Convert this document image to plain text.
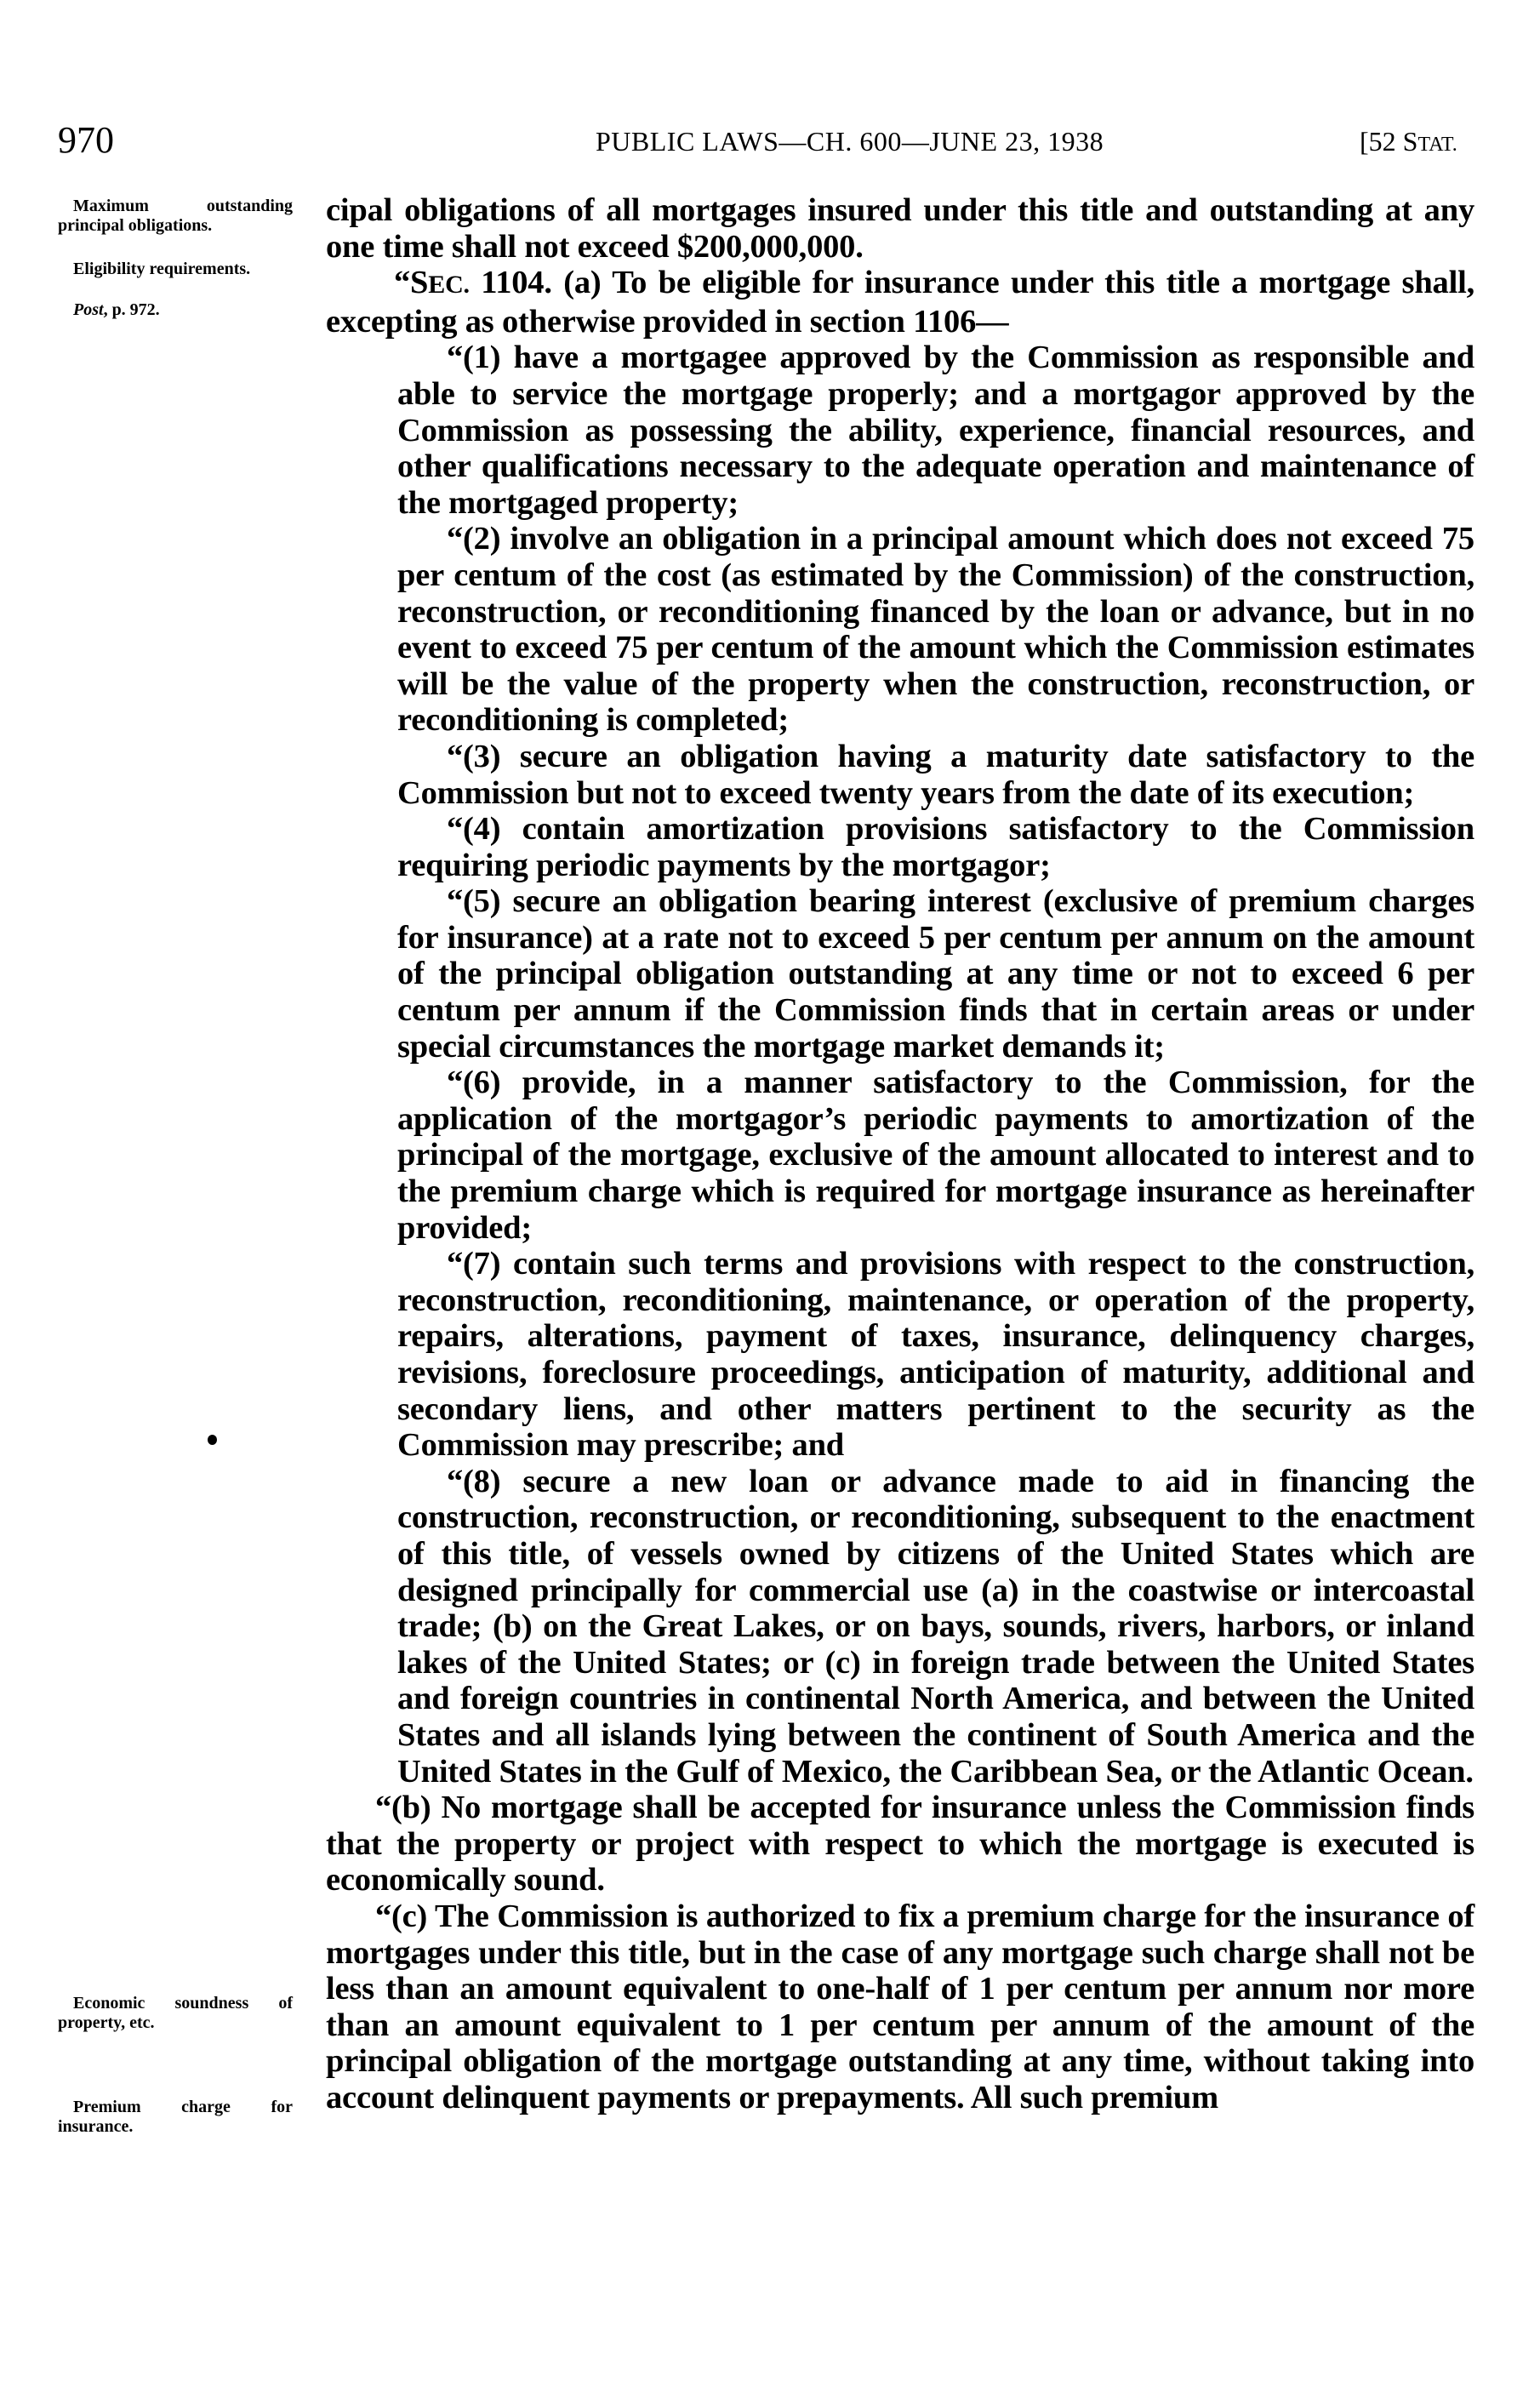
970	PUBLIC LAWS—CH. 600—JUNE 23, 1938	[52 STAT.

Maximum outstanding principal obligations.

Eligibility requirements.

Post, p. 972.

Economic soundness of property, etc.

Premium charge for insurance.

cipal obligations of all mortgages insured under this title and outstanding at any one time shall not exceed $200,000,000.

“SEC. 1104. (a) To be eligible for insurance under this title a mortgage shall, excepting as otherwise provided in section 1106—

“(1) have a mortgagee approved by the Commission as responsible and able to service the mortgage properly; and a mortgagor approved by the Commission as possessing the ability, experience, financial resources, and other qualifications necessary to the adequate operation and maintenance of the mortgaged property;

“(2) involve an obligation in a principal amount which does not exceed 75 per centum of the cost (as estimated by the Commission) of the construction, reconstruction, or reconditioning financed by the loan or advance, but in no event to exceed 75 per centum of the amount which the Commission estimates will be the value of the property when the construction, reconstruction, or reconditioning is completed;

“(3) secure an obligation having a maturity date satisfactory to the Commission but not to exceed twenty years from the date of its execution;

“(4) contain amortization provisions satisfactory to the Commission requiring periodic payments by the mortgagor;

“(5) secure an obligation bearing interest (exclusive of premium charges for insurance) at a rate not to exceed 5 per centum per annum on the amount of the principal obligation outstanding at any time or not to exceed 6 per centum per annum if the Commission finds that in certain areas or under special circumstances the mortgage market demands it;

“(6) provide, in a manner satisfactory to the Commission, for the application of the mortgagor’s periodic payments to amortization of the principal of the mortgage, exclusive of the amount allocated to interest and to the premium charge which is required for mortgage insurance as hereinafter provided;

“(7) contain such terms and provisions with respect to the construction, reconstruction, reconditioning, maintenance, or operation of the property, repairs, alterations, payment of taxes, insurance, delinquency charges, revisions, foreclosure proceedings, anticipation of maturity, additional and secondary liens, and other matters pertinent to the security as the Commission may prescribe; and

“(8) secure a new loan or advance made to aid in financing the construction, reconstruction, or reconditioning, subsequent to the enactment of this title, of vessels owned by citizens of the United States which are designed principally for commercial use (a) in the coastwise or intercoastal trade; (b) on the Great Lakes, or on bays, sounds, rivers, harbors, or inland lakes of the United States; or (c) in foreign trade between the United States and foreign countries in continental North America, and between the United States and all islands lying between the continent of South America and the United States in the Gulf of Mexico, the Caribbean Sea, or the Atlantic Ocean.

“(b) No mortgage shall be accepted for insurance unless the Commission finds that the property or project with respect to which the mortgage is executed is economically sound.

“(c) The Commission is authorized to fix a premium charge for the insurance of mortgages under this title, but in the case of any mortgage such charge shall not be less than an amount equivalent to one-half of 1 per centum per annum nor more than an amount equivalent to 1 per centum per annum of the amount of the principal obligation of the mortgage outstanding at any time, without taking into account delinquent payments or prepayments. All such premium
